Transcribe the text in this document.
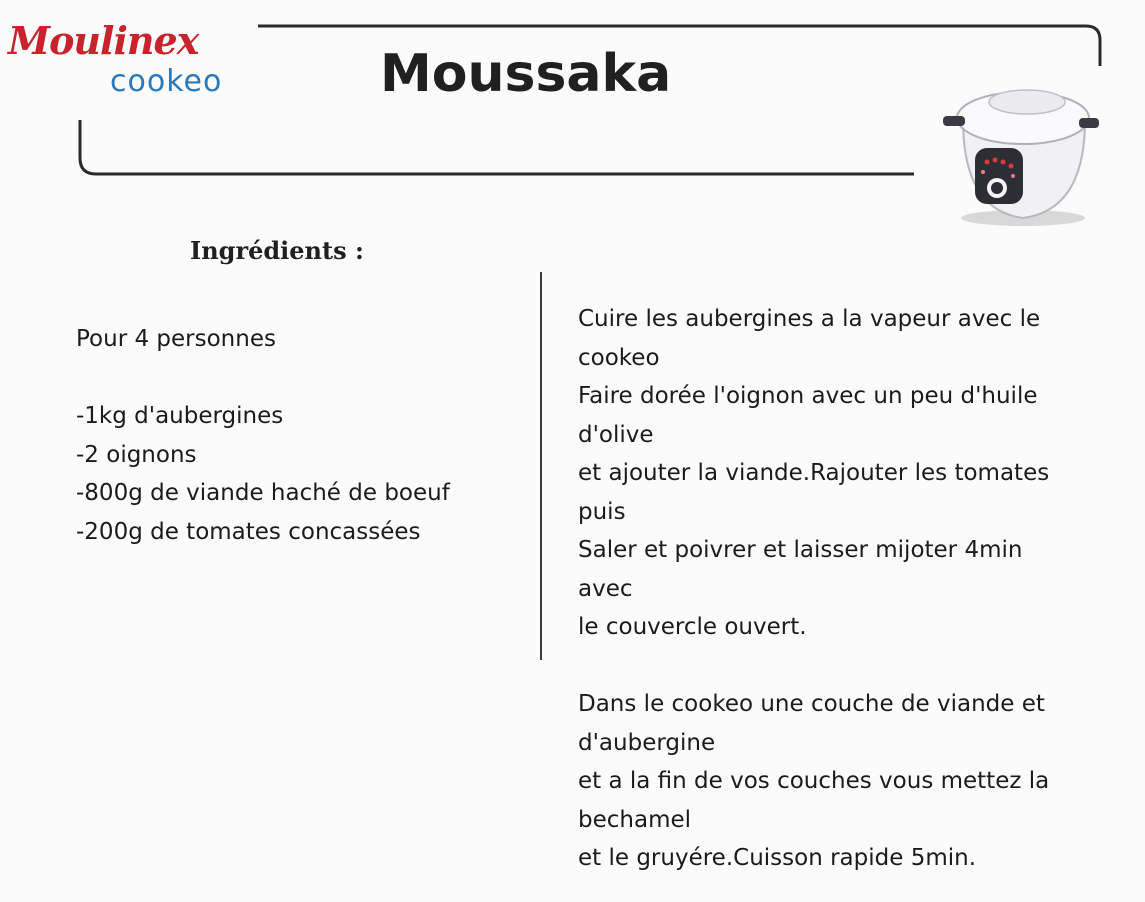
Moulinex
cookeo	Moussaka
Ingrédients :
Pour 4 personnes
-1kg d'aubergines
-2 oignons
-800g de viande haché de boeuf
-200g de tomates concassées

Cuire les aubergines a la vapeur avec le

cookeo

Faire dorée l'oignon avec un peu d'huile

d'olive

et ajouter la viande.Rajouter les tomates

puis

Saler et poivrer et laisser mijoter 4min

avec

le couvercle ouvert.

Dans le cookeo une couche de viande et

d'aubergine

et a la fin de vos couches vous mettez la

bechamel

et le gruyére.Cuisson rapide 5min.
